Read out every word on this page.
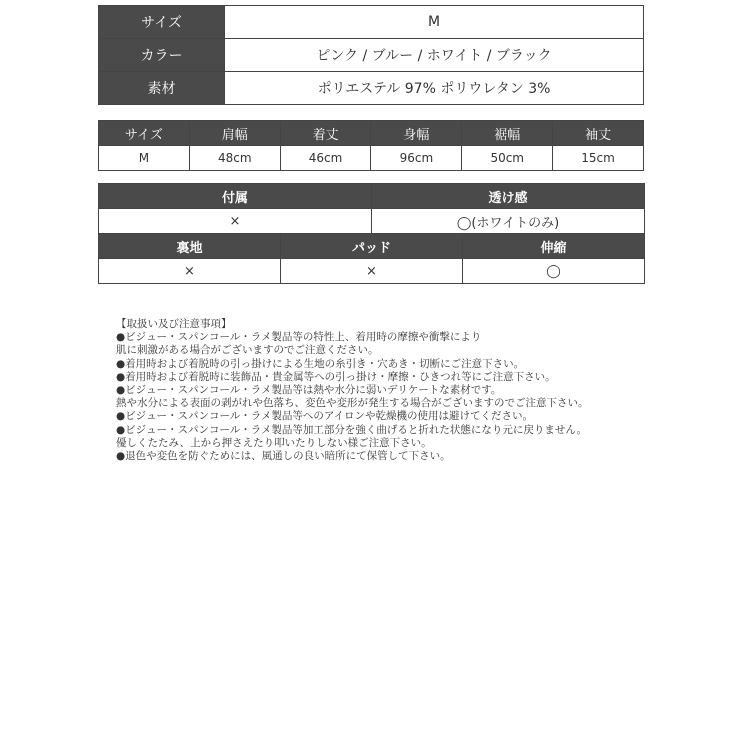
サイズ	M
カラー	ピンク / ブルー / ホワイト / ブラック
素材	ポリエステル 97% ポリウレタン 3%
サイズ	肩幅	着丈	身幅	裾幅	袖丈
M	48cm	46cm	96cm	50cm	15cm
付属		透け感	
×		◯(ホワイトのみ)	
裏地	パッド		伸縮
×	×		◯
【取扱い及び注意事項】
●ビジュー・スパンコール・ラメ製品等の特性上、着用時の摩擦や衝撃により
肌に刺激がある場合がございますのでご注意ください。
●着用時および着脱時の引っ掛けによる生地の糸引き・穴あき・切断にご注意下さい。
●着用時および着脱時に装飾品・貴金属等への引っ掛け・摩擦・ひきつれ等にご注意下さい。
●ビジュー・スパンコール・ラメ製品等は熱や水分に弱いデリケートな素材です。
熱や水分による表面の剥がれや色落ち、変色や変形が発生する場合がございますのでご注意下さい。
●ビジュー・スパンコール・ラメ製品等へのアイロンや乾燥機の使用は避けてください。
●ビジュー・スパンコール・ラメ製品等加工部分を強く曲げると折れた状態になり元に戻りません。
優しくたたみ、上から押さえたり叩いたりしない様ご注意下さい。
●退色や変色を防ぐためには、風通しの良い暗所にて保管して下さい。
